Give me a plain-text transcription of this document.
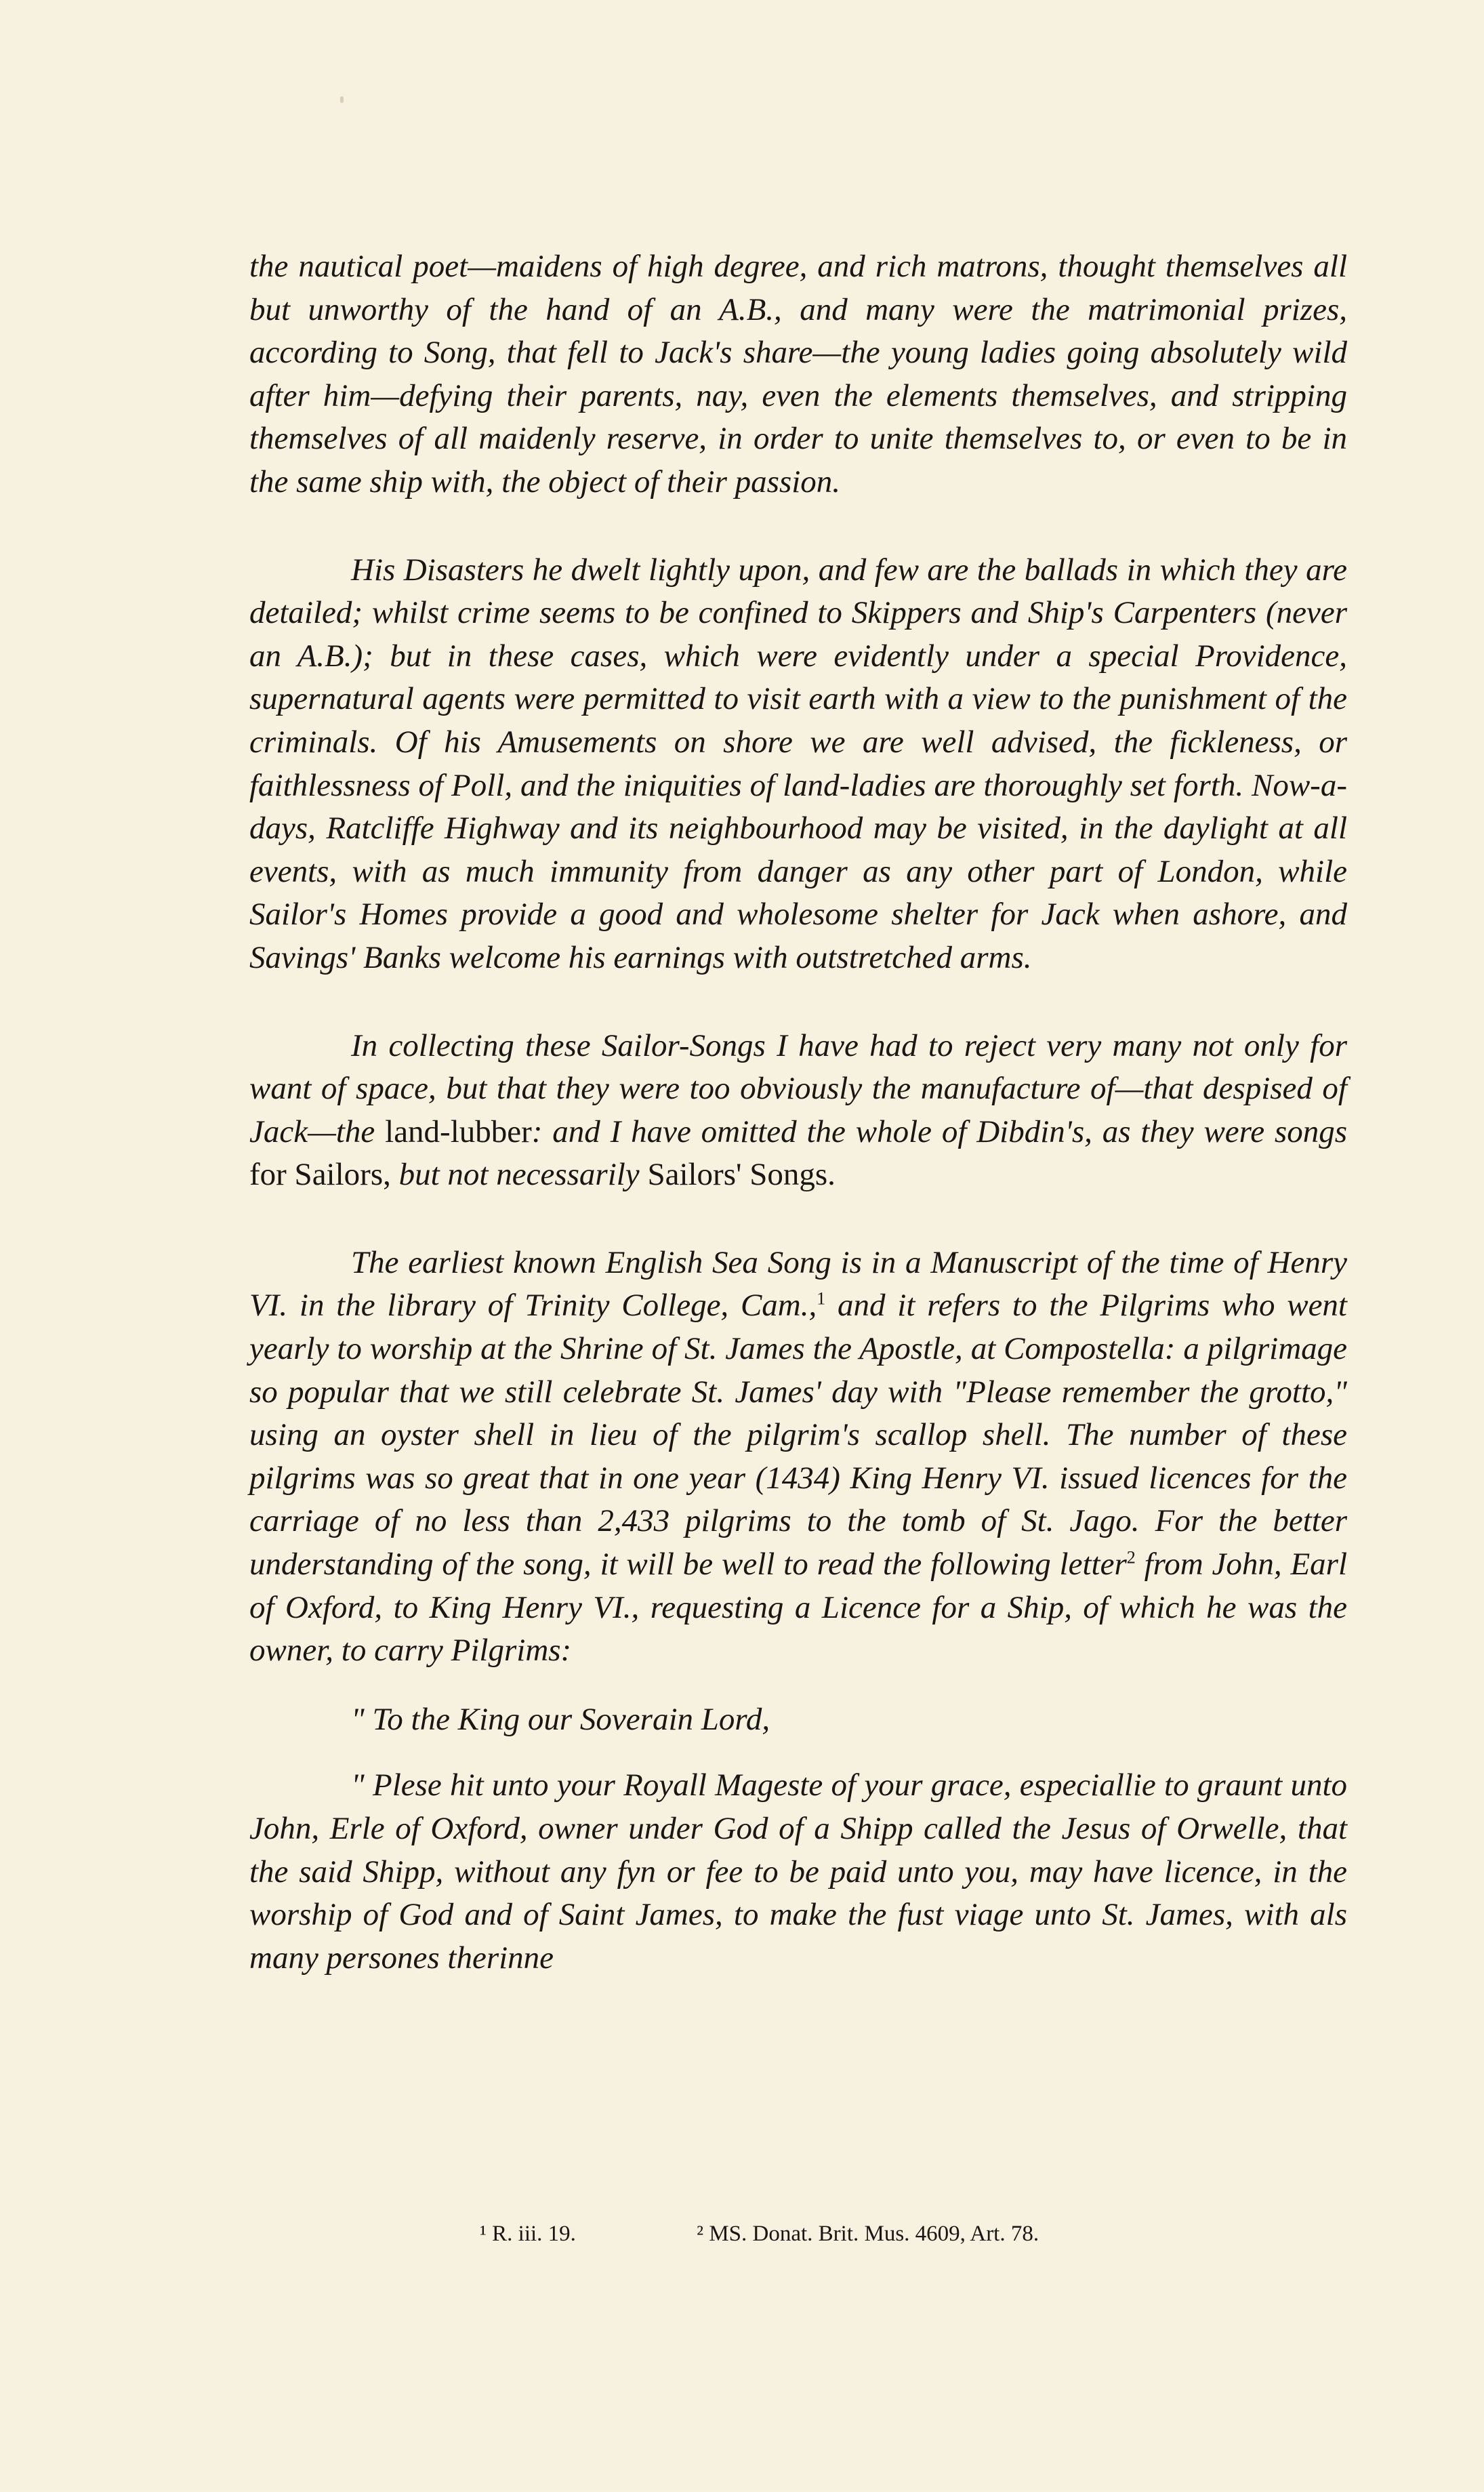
the nautical poet—maidens of high degree, and rich matrons, thought themselves all but unworthy of the hand of an A.B., and many were the matrimonial prizes, according to Song, that fell to Jack's share—the young ladies going absolutely wild after him—defying their parents, nay, even the elements themselves, and stripping themselves of all maidenly reserve, in order to unite themselves to, or even to be in the same ship with, the object of their passion.

His Disasters he dwelt lightly upon, and few are the ballads in which they are detailed; whilst crime seems to be confined to Skippers and Ship's Carpenters (never an A.B.); but in these cases, which were evidently under a special Providence, supernatural agents were permitted to visit earth with a view to the punishment of the criminals. Of his Amusements on shore we are well advised, the fickleness, or faithlessness of Poll, and the iniquities of land-ladies are thoroughly set forth. Now-a-days, Ratcliffe Highway and its neighbourhood may be visited, in the daylight at all events, with as much immunity from danger as any other part of London, while Sailor's Homes provide a good and wholesome shelter for Jack when ashore, and Savings' Banks welcome his earnings with outstretched arms.

In collecting these Sailor-Songs I have had to reject very many not only for want of space, but that they were too obviously the manufacture of—that despised of Jack—the land-lubber: and I have omitted the whole of Dibdin's, as they were songs for Sailors, but not necessarily Sailors' Songs.

The earliest known English Sea Song is in a Manuscript of the time of Henry VI. in the library of Trinity College, Cam.,$^1$ and it refers to the Pilgrims who went yearly to worship at the Shrine of St. James the Apostle, at Compostella: a pilgrimage so popular that we still celebrate St. James' day with "Please remember the grotto," using an oyster shell in lieu of the pilgrim's scallop shell. The number of these pilgrims was so great that in one year (1434) King Henry VI. issued licences for the carriage of no less than 2,433 pilgrims to the tomb of St. Jago. For the better understanding of the song, it will be well to read the following letter$^2$ from John, Earl of Oxford, to King Henry VI., requesting a Licence for a Ship, of which he was the owner, to carry Pilgrims:

" To the King our Soverain Lord,

" Plese hit unto your Royall Mageste of your grace, especiallie to graunt unto John, Erle of Oxford, owner under God of a Shipp called the Jesus of Orwelle, that the said Shipp, without any fyn or fee to be paid unto you, may have licence, in the worship of God and of Saint James, to make the fust viage unto St. James, with als many persones therinne

¹ R. iii. 19.	² MS. Donat. Brit. Mus. 4609, Art. 78.
